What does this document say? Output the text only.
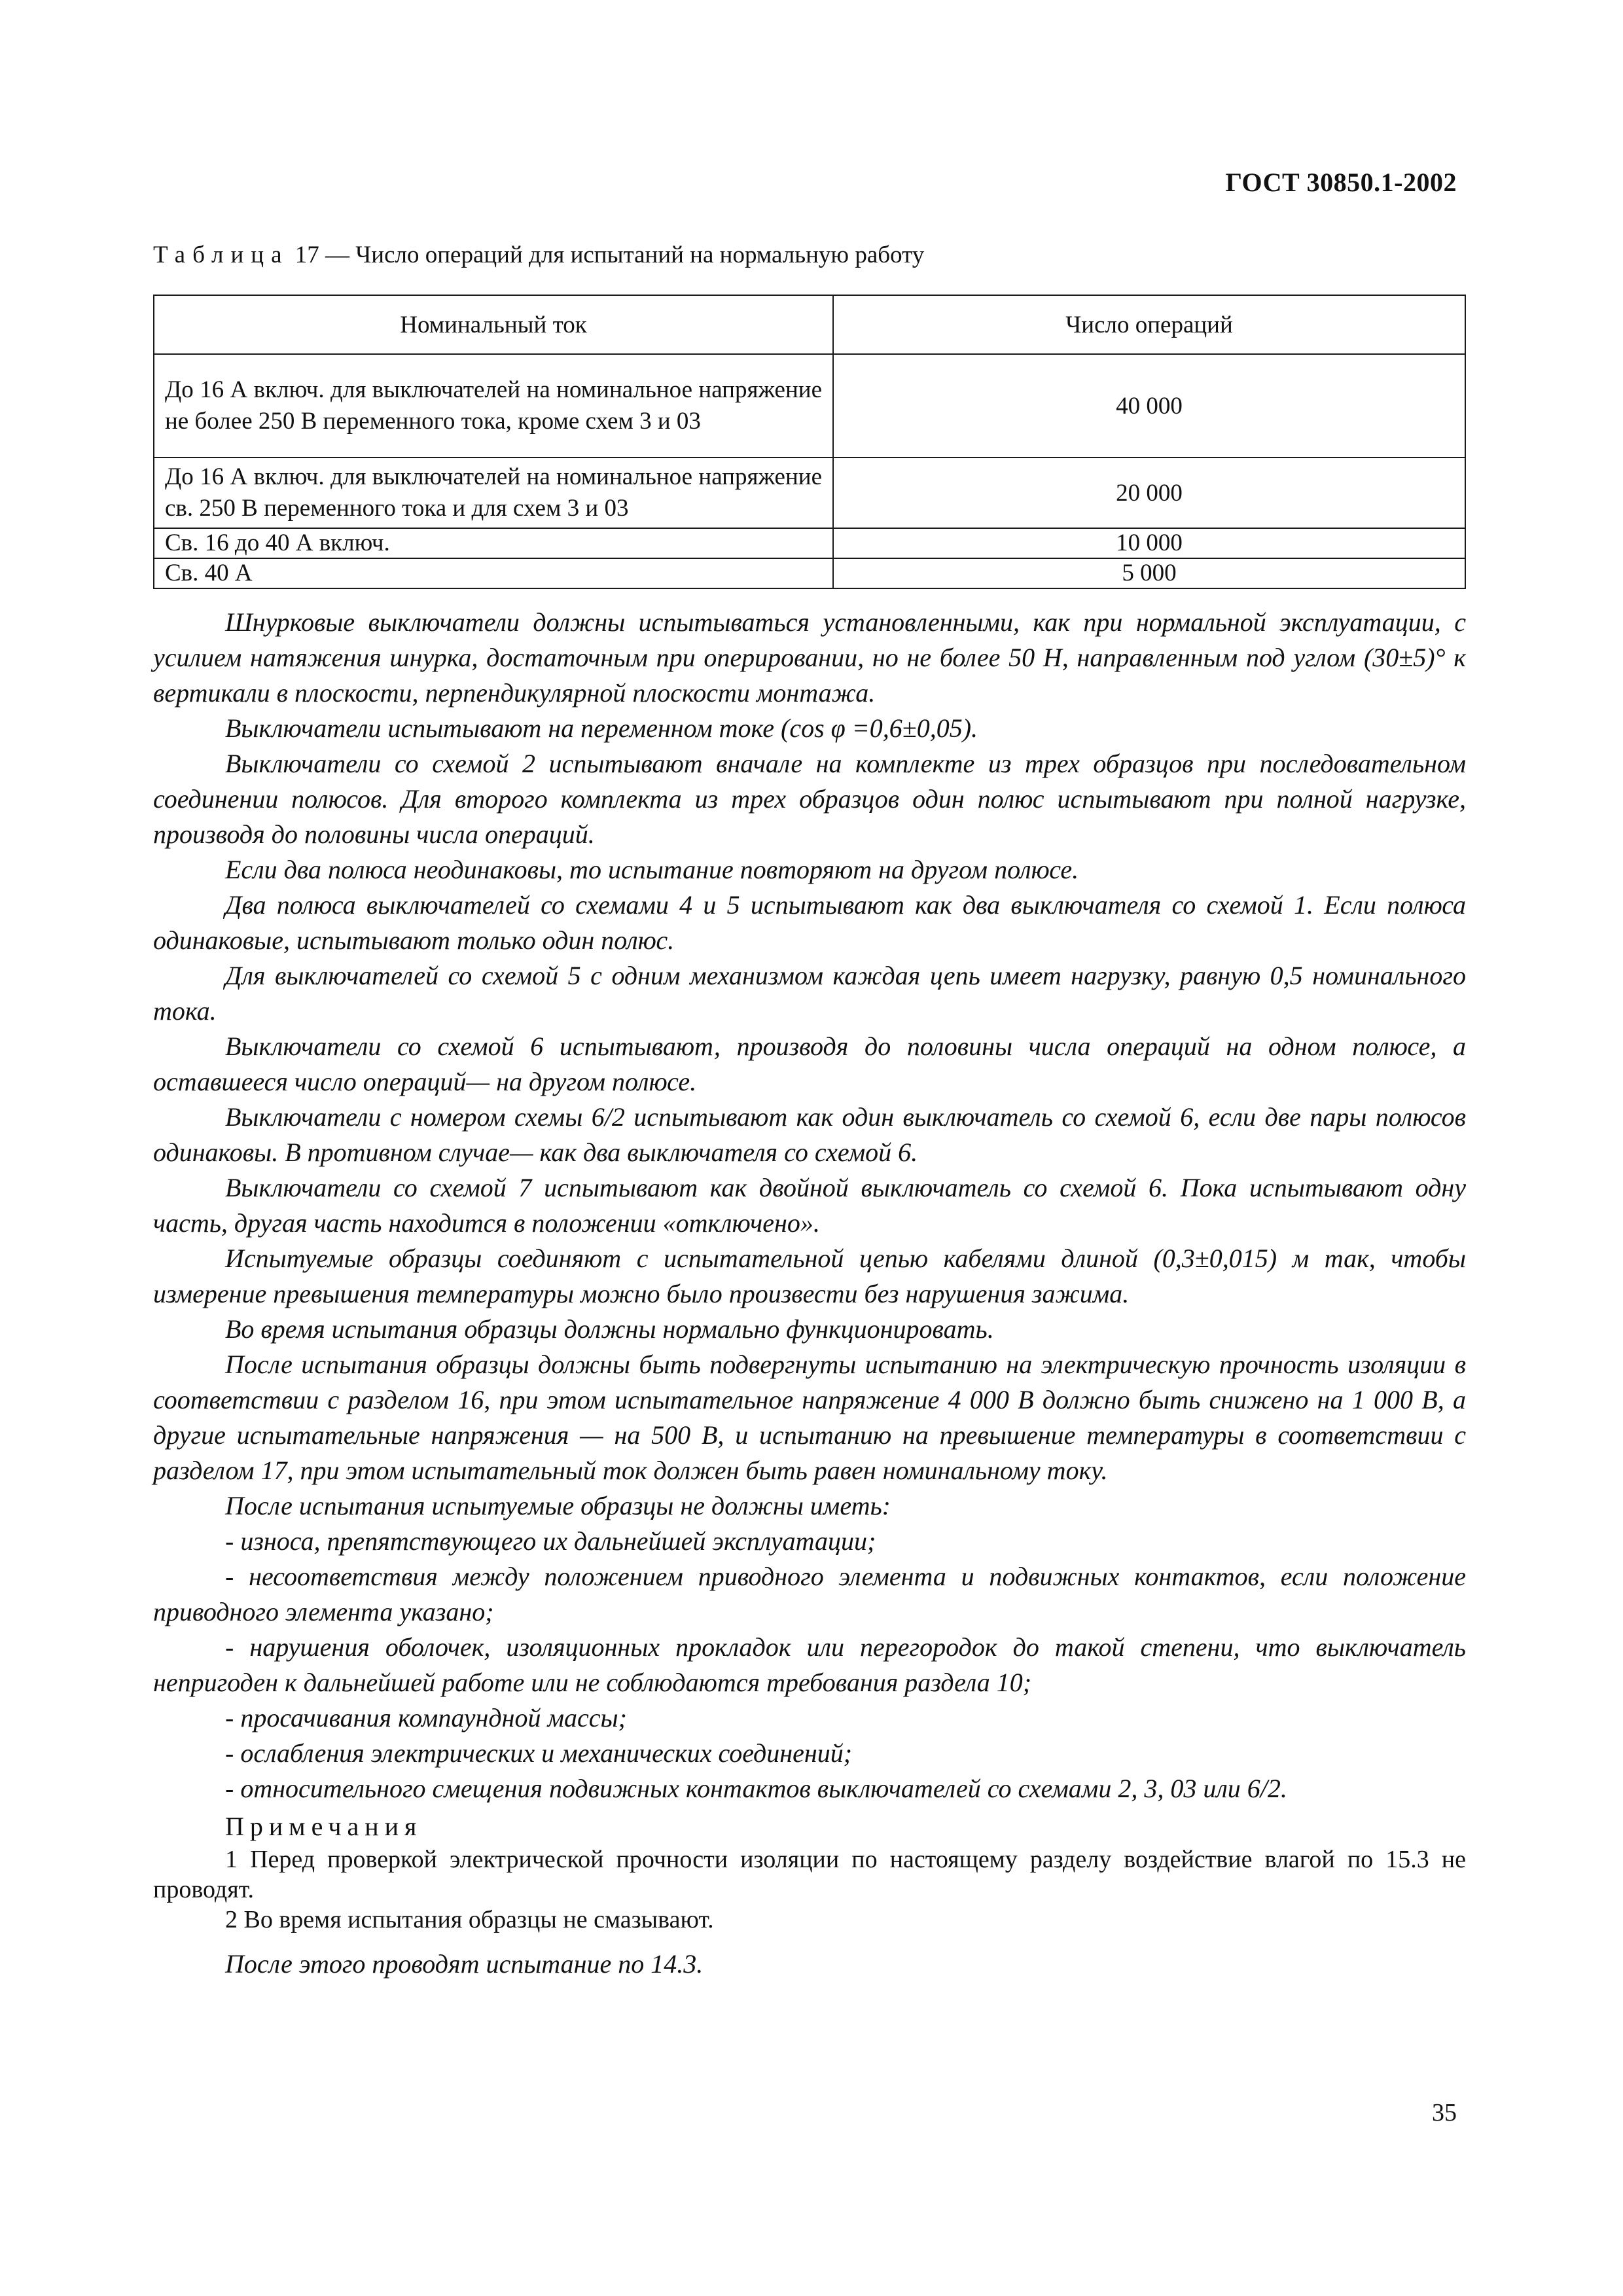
ГОСТ 30850.1-2002
Таблица 17 — Число операций для испытаний на нормальную работу
Номинальный ток	Число операций
До 16 А включ. для выключателей на номинальное напряжение не более 250 В переменного тока, кроме схем 3 и 03	40 000
До 16 А включ. для выключателей на номинальное напряжение св. 250 В переменного тока и для схем 3 и 03	20 000
Св. 16 до 40 А включ.	10 000
Св. 40 А	5 000

Шнурковые выключатели должны испытываться установленными, как при нормальной эксплуатации, с усилием натяжения шнурка, достаточным при оперировании, но не более 50 Н, направленным под углом (30±5)° к вертикали в плоскости, перпендикулярной плоскости монтажа.

Выключатели испытывают на переменном токе (cos φ =0,6±0,05).

Выключатели со схемой 2 испытывают вначале на комплекте из трех образцов при последовательном соединении полюсов. Для второго комплекта из трех образцов один полюс испытывают при полной нагрузке, производя до половины числа операций.

Если два полюса неодинаковы, то испытание повторяют на другом полюсе.

Два полюса выключателей со схемами 4 и 5 испытывают как два выключателя со схемой 1. Если полюса одинаковые, испытывают только один полюс.

Для выключателей со схемой 5 с одним механизмом каждая цепь имеет нагрузку, равную 0,5 номинального тока.

Выключатели со схемой 6 испытывают, производя до половины числа операций на одном полюсе, а оставшееся число операций— на другом полюсе.

Выключатели с номером схемы 6/2 испытывают как один выключатель со схемой 6, если две пары полюсов одинаковы. В противном случае— как два выключателя со схемой 6.

Выключатели со схемой 7 испытывают как двойной выключатель со схемой 6. Пока испытывают одну часть, другая часть находится в положении «отключено».

Испытуемые образцы соединяют с испытательной цепью кабелями длиной (0,3±0,015) м так, чтобы измерение превышения температуры можно было произвести без нарушения зажима.

Во время испытания образцы должны нормально функционировать.

После испытания образцы должны быть подвергнуты испытанию на электрическую прочность изоляции в соответствии с разделом 16, при этом испытательное напряжение 4 000 В должно быть снижено на 1 000 В, а другие испытательные напряжения — на 500 В, и испытанию на превышение температуры в соответствии с разделом 17, при этом испытательный ток должен быть равен номинальному току.

После испытания испытуемые образцы не должны иметь:

- износа, препятствующего их дальнейшей эксплуатации;

- несоответствия между положением приводного элемента и подвижных контактов, если положение приводного элемента указано;

- нарушения оболочек, изоляционных прокладок или перегородок до такой степени, что выключатель непригоден к дальнейшей работе или не соблюдаются требования раздела 10;

- просачивания компаундной массы;

- ослабления электрических и механических соединений;

- относительного смещения подвижных контактов выключателей со схемами 2, 3, 03 или 6/2.

Примечания

1 Перед проверкой электрической прочности изоляции по настоящему разделу воздействие влагой по 15.3 не проводят.

2 Во время испытания образцы не смазывают.

После этого проводят испытание по 14.3.

35
